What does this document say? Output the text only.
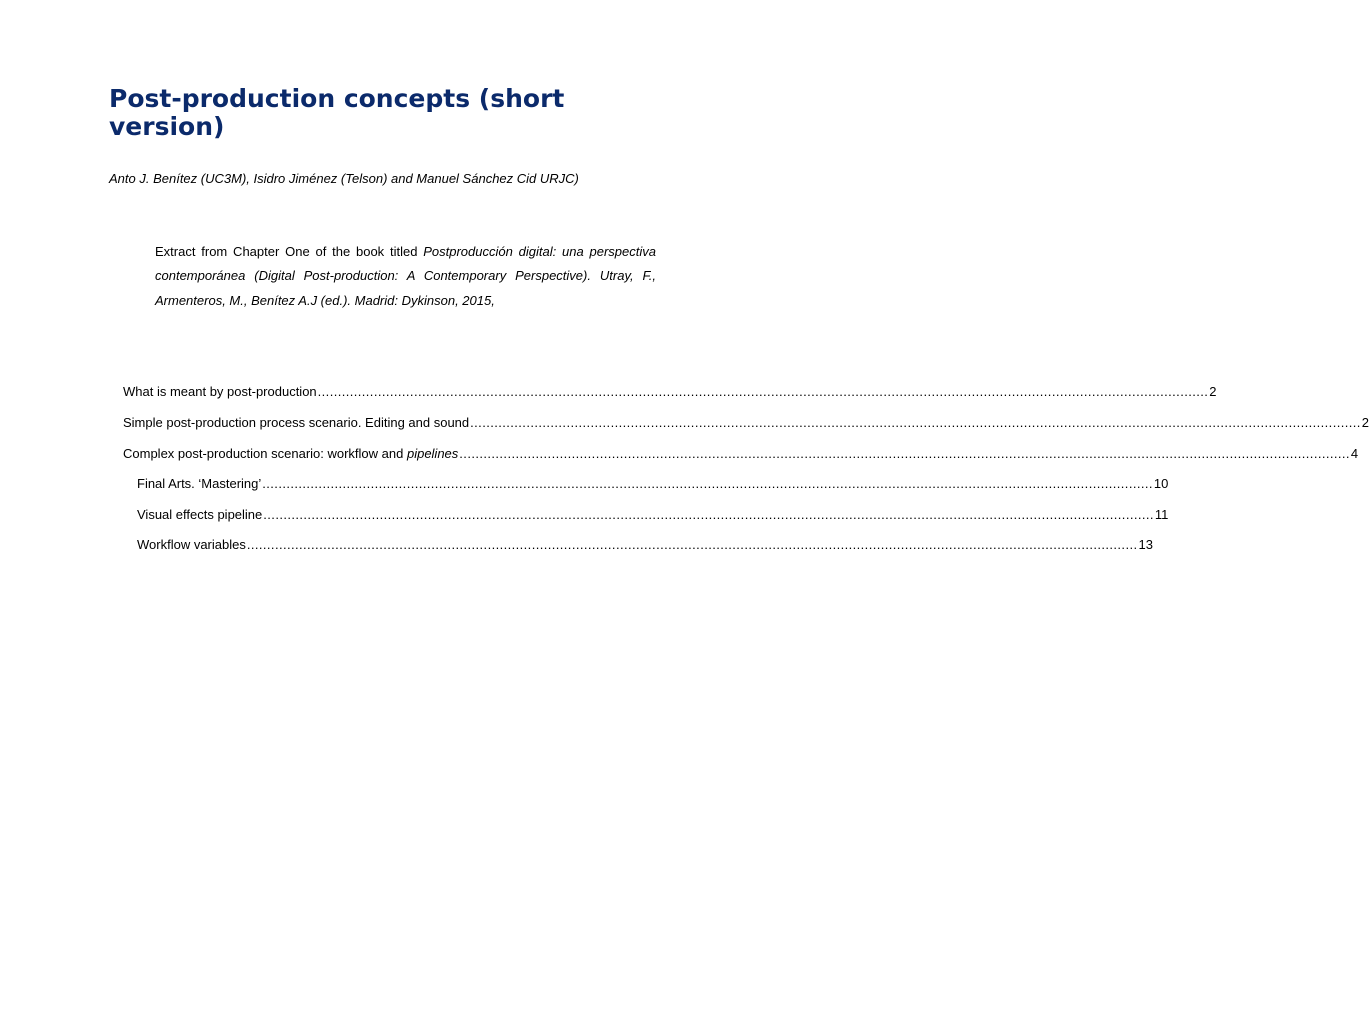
Post-production concepts (short version)

Anto J. Benítez (UC3M), Isidro Jiménez (Telson) and Manuel Sánchez Cid URJC)

Extract from Chapter One of the book titled Postproducción digital: una perspectiva contemporánea (Digital Post-production: A Contemporary Perspective). Utray, F., Armenteros, M., Benítez A.J (ed.). Madrid: Dykinson, 2015,

What is meant by post-production .............................................................................................................................................................................................................................. 2
Simple post-production process scenario. Editing and sound .............................................................................................................................................................................................................................. 2
Complex post-production scenario: workflow and pipelines .............................................................................................................................................................................................................................. 4
Final Arts. ‘Mastering’ .............................................................................................................................................................................................................................. 10
Visual effects pipeline .............................................................................................................................................................................................................................. 11
Workflow variables .............................................................................................................................................................................................................................. 13
